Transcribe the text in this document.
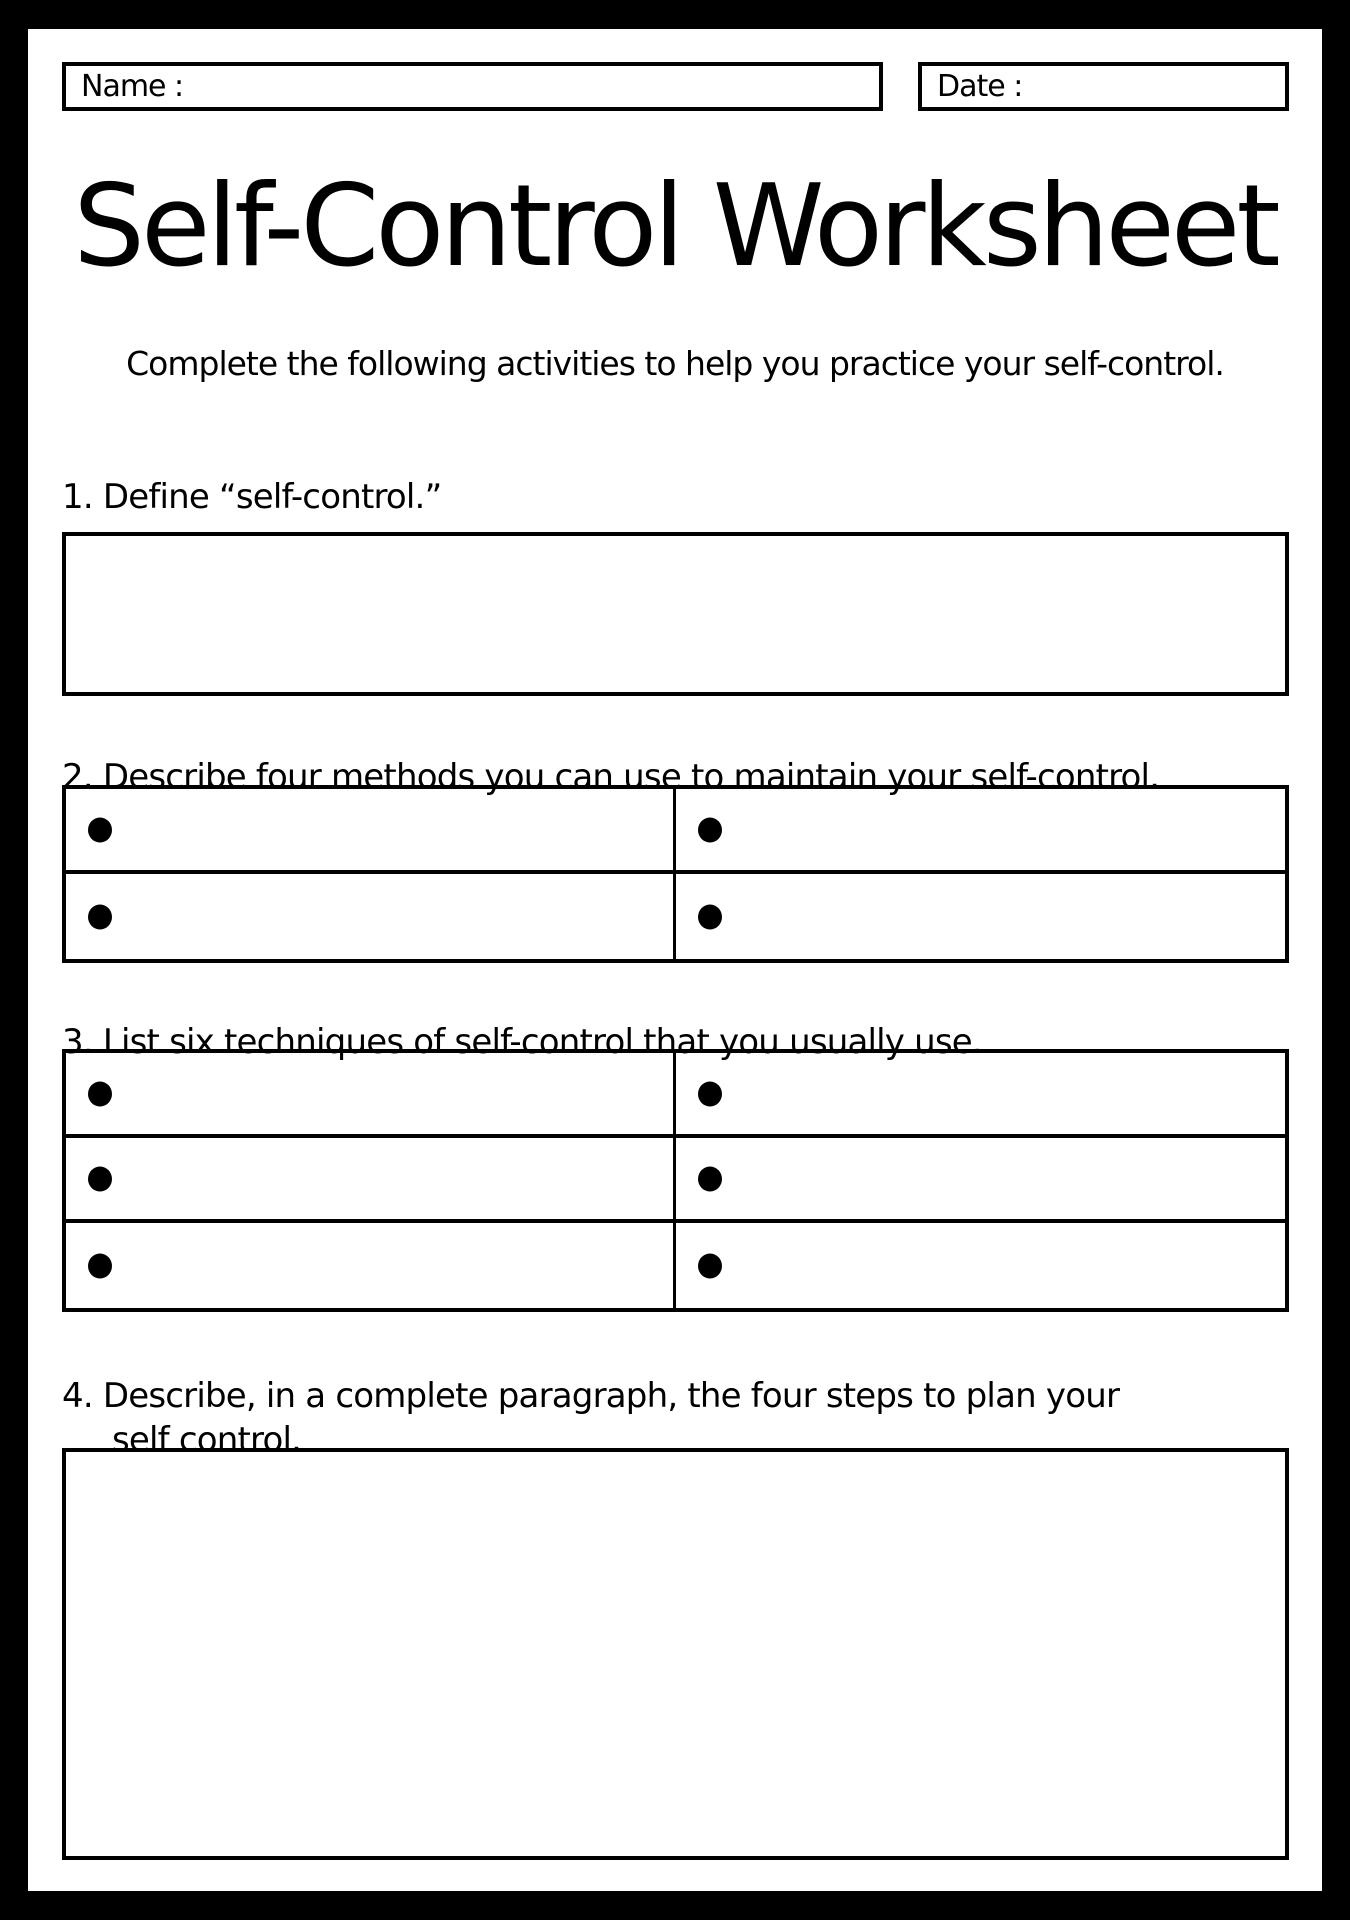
Name :	Date :
Self-Control Worksheet
Complete the following activities to help you practice your self-control.
1. Define “self-control.”
2. Describe four methods you can use to maintain your self-control.
3. List six techniques of self-control that you usually use.
4. Describe, in a complete paragraph, the four steps to plan your
self control.
